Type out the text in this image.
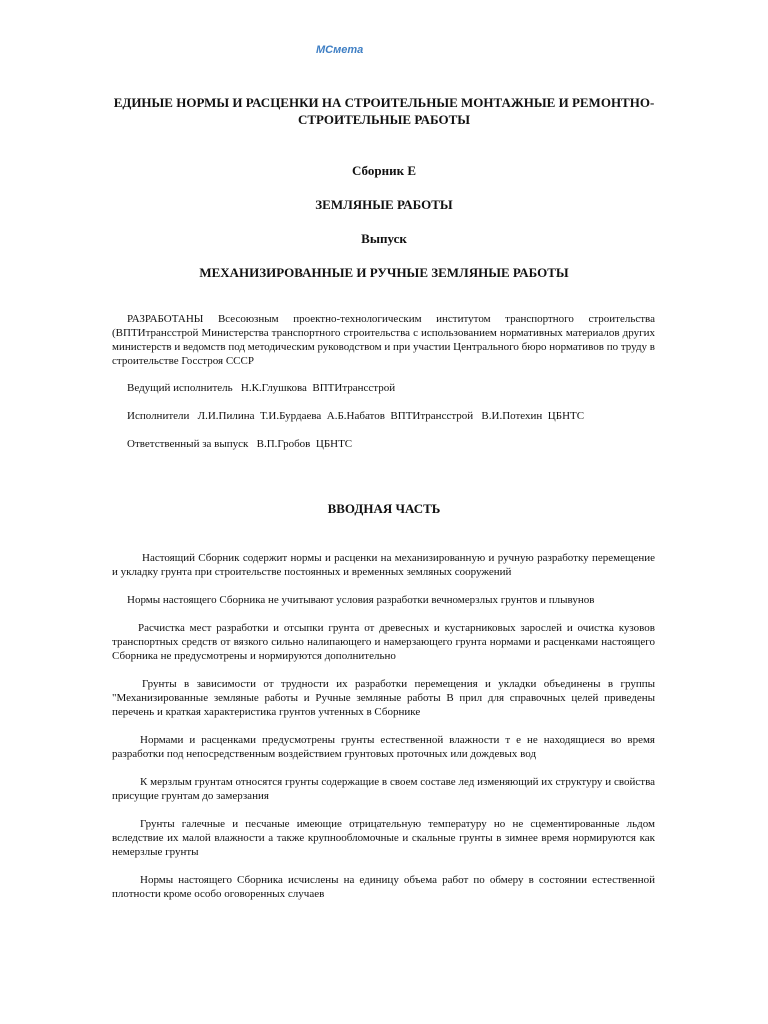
МСмета
ЕДИНЫЕ НОРМЫ И РАСЦЕНКИ НА СТРОИТЕЛЬНЫЕ МОНТАЖНЫЕ И РЕМОНТНО-СТРОИТЕЛЬНЫЕ РАБОТЫ
Сборник Е
ЗЕМЛЯНЫЕ РАБОТЫ
Выпуск
МЕХАНИЗИРОВАННЫЕ И РУЧНЫЕ ЗЕМЛЯНЫЕ РАБОТЫ
РАЗРАБОТАНЫ Всесоюзным проектно-технологическим институтом транспортного строительства (ВПТИтрансстрой Министерства транспортного строительства с использованием нормативных материалов других министерств и ведомств под методическим руководством и при участии Центрального бюро нормативов по труду в строительстве Госстроя СССР
Ведущий исполнитель   Н.К.Глушкова  ВПТИтрансстрой
Исполнители   Л.И.Пилина  Т.И.Бурдаева  А.Б.Набатов  ВПТИтрансстрой   В.И.Потехин  ЦБНТС
Ответственный за выпуск   В.П.Гробов  ЦБНТС
ВВОДНАЯ ЧАСТЬ
Настоящий Сборник содержит нормы и расценки на механизированную и ручную разработку перемещение и укладку грунта при строительстве постоянных и временных земляных сооружений
Нормы настоящего Сборника не учитывают условия разработки вечномерзлых грунтов и плывунов
Расчистка мест разработки и отсыпки грунта от древесных и кустарниковых зарослей и очистка кузовов транспортных средств от вязкого сильно налипающего и намерзающего грунта нормами и расценками настоящего Сборника не предусмотрены и нормируются дополнительно
Грунты в зависимости от трудности их разработки перемещения и укладки объединены в группы "Механизированные земляные работы и Ручные земляные работы В прил для справочных целей приведены перечень и краткая характеристика грунтов учтенных в Сборнике
Нормами и расценками предусмотрены грунты естественной влажности т е не находящиеся во время разработки под непосредственным воздействием грунтовых проточных или дождевых вод
К мерзлым грунтам относятся грунты содержащие в своем составе лед изменяющий их структуру и свойства присущие грунтам до замерзания
Грунты галечные и песчаные имеющие отрицательную температуру но не сцементированные льдом вследствие их малой влажности а также крупнообломочные и скальные грунты в зимнее время нормируются как немерзлые грунты
Нормы настоящего Сборника исчислены на единицу объема работ по обмеру в состоянии естественной плотности кроме особо оговоренных случаев
